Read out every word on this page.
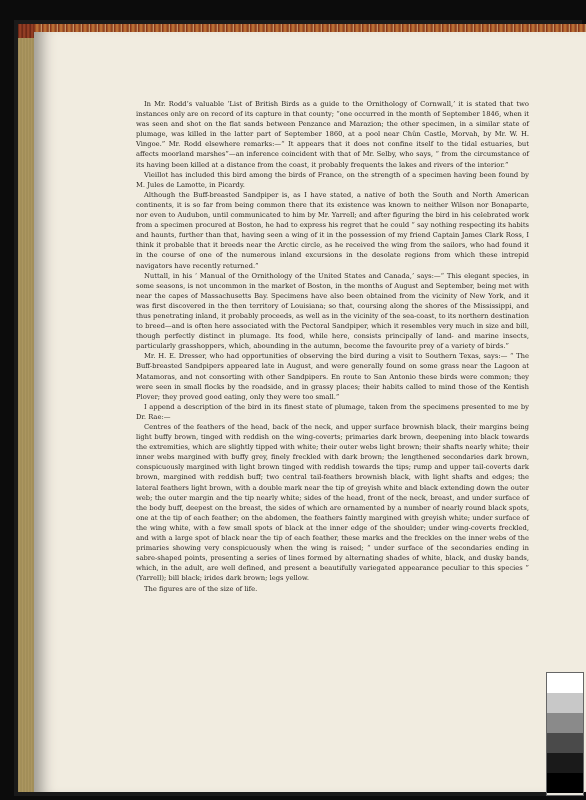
In Mr. Rodd’s valuable ‘List of British Birds as a guide to the Ornithology of Cornwall,’ it is stated that two instances only are on record of its capture in that county; “one occurred in the month of September 1846, when it was seen and shot on the flat sands between Penzance and Marazion; the other specimen, in a similar state of plumage, was killed in the latter part of September 1860, at a pool near Chûn Castle, Morvah, by Mr. W. H. Vingoe.” Mr. Rodd elsewhere remarks:—“ It appears that it does not confine itself to the tidal estuaries, but affects moorland marshes”—an inference coincident with that of Mr. Selby, who says, “ from the circumstance of its having been killed at a distance from the coast, it probably frequents the lakes and rivers of the interior.”

Vieillot has included this bird among the birds of France, on the strength of a specimen having been found by M. Jules de Lamotte, in Picardy.

Although the Buff-breasted Sandpiper is, as I have stated, a native of both the South and North American continents, it is so far from being common there that its existence was known to neither Wilson nor Bonaparte, nor even to Audubon, until communicated to him by Mr. Yarrell; and after figuring the bird in his celebrated work from a specimen procured at Boston, he had to express his regret that he could “ say nothing respecting its habits and haunts, further than that, having seen a wing of it in the possession of my friend Captain James Clark Ross, I think it probable that it breeds near the Arctic circle, as he received the wing from the sailors, who had found it in the course of one of the numerous inland excursions in the desolate regions from which these intrepid navigators have recently returned.”

Nuttall, in his ‘ Manual of the Ornithology of the United States and Canada,’ says:—“ This elegant species, in some seasons, is not uncommon in the market of Boston, in the months of August and September, being met with near the capes of Massachusetts Bay. Specimens have also been obtained from the vicinity of New York, and it was first discovered in the then territory of Louisiana; so that, coursing along the shores of the Mississippi, and thus penetrating inland, it probably proceeds, as well as in the vicinity of the sea-coast, to its northern destination to breed—and is often here associated with the Pectoral Sandpiper, which it resembles very much in size and bill, though perfectly distinct in plumage. Its food, while here, consists principally of land- and marine insects, particularly grasshoppers, which, abounding in the autumn, become the favourite prey of a variety of birds.”

Mr. H. E. Dresser, who had opportunities of observing the bird during a visit to Southern Texas, says:— “ The Buff-breasted Sandpipers appeared late in August, and were generally found on some grass near the Lagoon at Matamoras, and not consorting with other Sandpipers. En route to San Antonio these birds were common; they were seen in small flocks by the roadside, and in grassy places; their habits called to mind those of the Kentish Plover; they proved good eating, only they were too small.”

I append a description of the bird in its finest state of plumage, taken from the specimens presented to me by Dr. Rae:—

Centres of the feathers of the head, back of the neck, and upper surface brownish black, their margins being light buffy brown, tinged with reddish on the wing-coverts; primaries dark brown, deepening into black towards the extremities, which are slightly tipped with white; their outer webs light brown; their shafts nearly white; their inner webs margined with buffy grey, finely freckled with dark brown; the lengthened secondaries dark brown, conspicuously margined with light brown tinged with reddish towards the tips; rump and upper tail-coverts dark brown, margined with reddish buff; two central tail-feathers brownish black, with light shafts and edges; the lateral feathers light brown, with a double mark near the tip of greyish white and black extending down the outer web; the outer margin and the tip nearly white; sides of the head, front of the neck, breast, and under surface of the body buff, deepest on the breast, the sides of which are ornamented by a number of nearly round black spots, one at the tip of each feather; on the abdomen, the feathers faintly margined with greyish white; under surface of the wing white, with a few small spots of black at the inner edge of the shoulder; under wing-coverts freckled, and with a large spot of black near the tip of each feather, these marks and the freckles on the inner webs of the primaries showing very conspicuously when the wing is raised; “ under surface of the secondaries ending in sabre-shaped points, presenting a series of lines formed by alternating shades of white, black, and dusky bands, which, in the adult, are well defined, and present a beautifully variegated appearance peculiar to this species ” (Yarrell); bill black; irides dark brown; legs yellow.

The figures are of the size of life.
